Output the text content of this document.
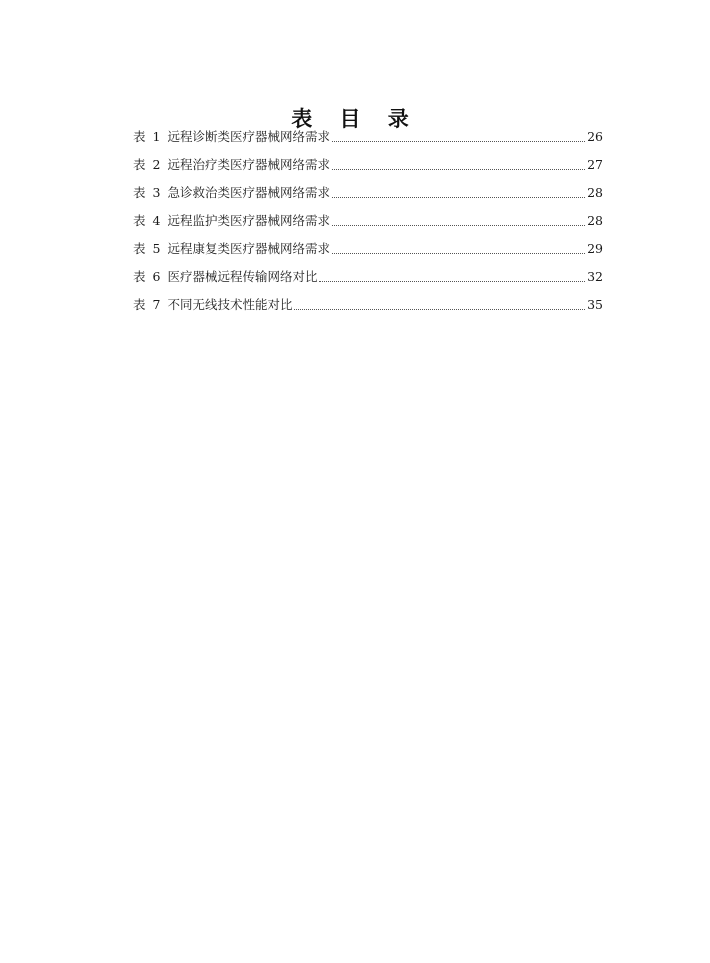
表 目 录
表 1 远程诊断类医疗器械网络需求	26
表 2 远程治疗类医疗器械网络需求	27
表 3 急诊救治类医疗器械网络需求	28
表 4 远程监护类医疗器械网络需求	28
表 5 远程康复类医疗器械网络需求	29
表 6 医疗器械远程传输网络对比	32
表 7 不同无线技术性能对比	35
